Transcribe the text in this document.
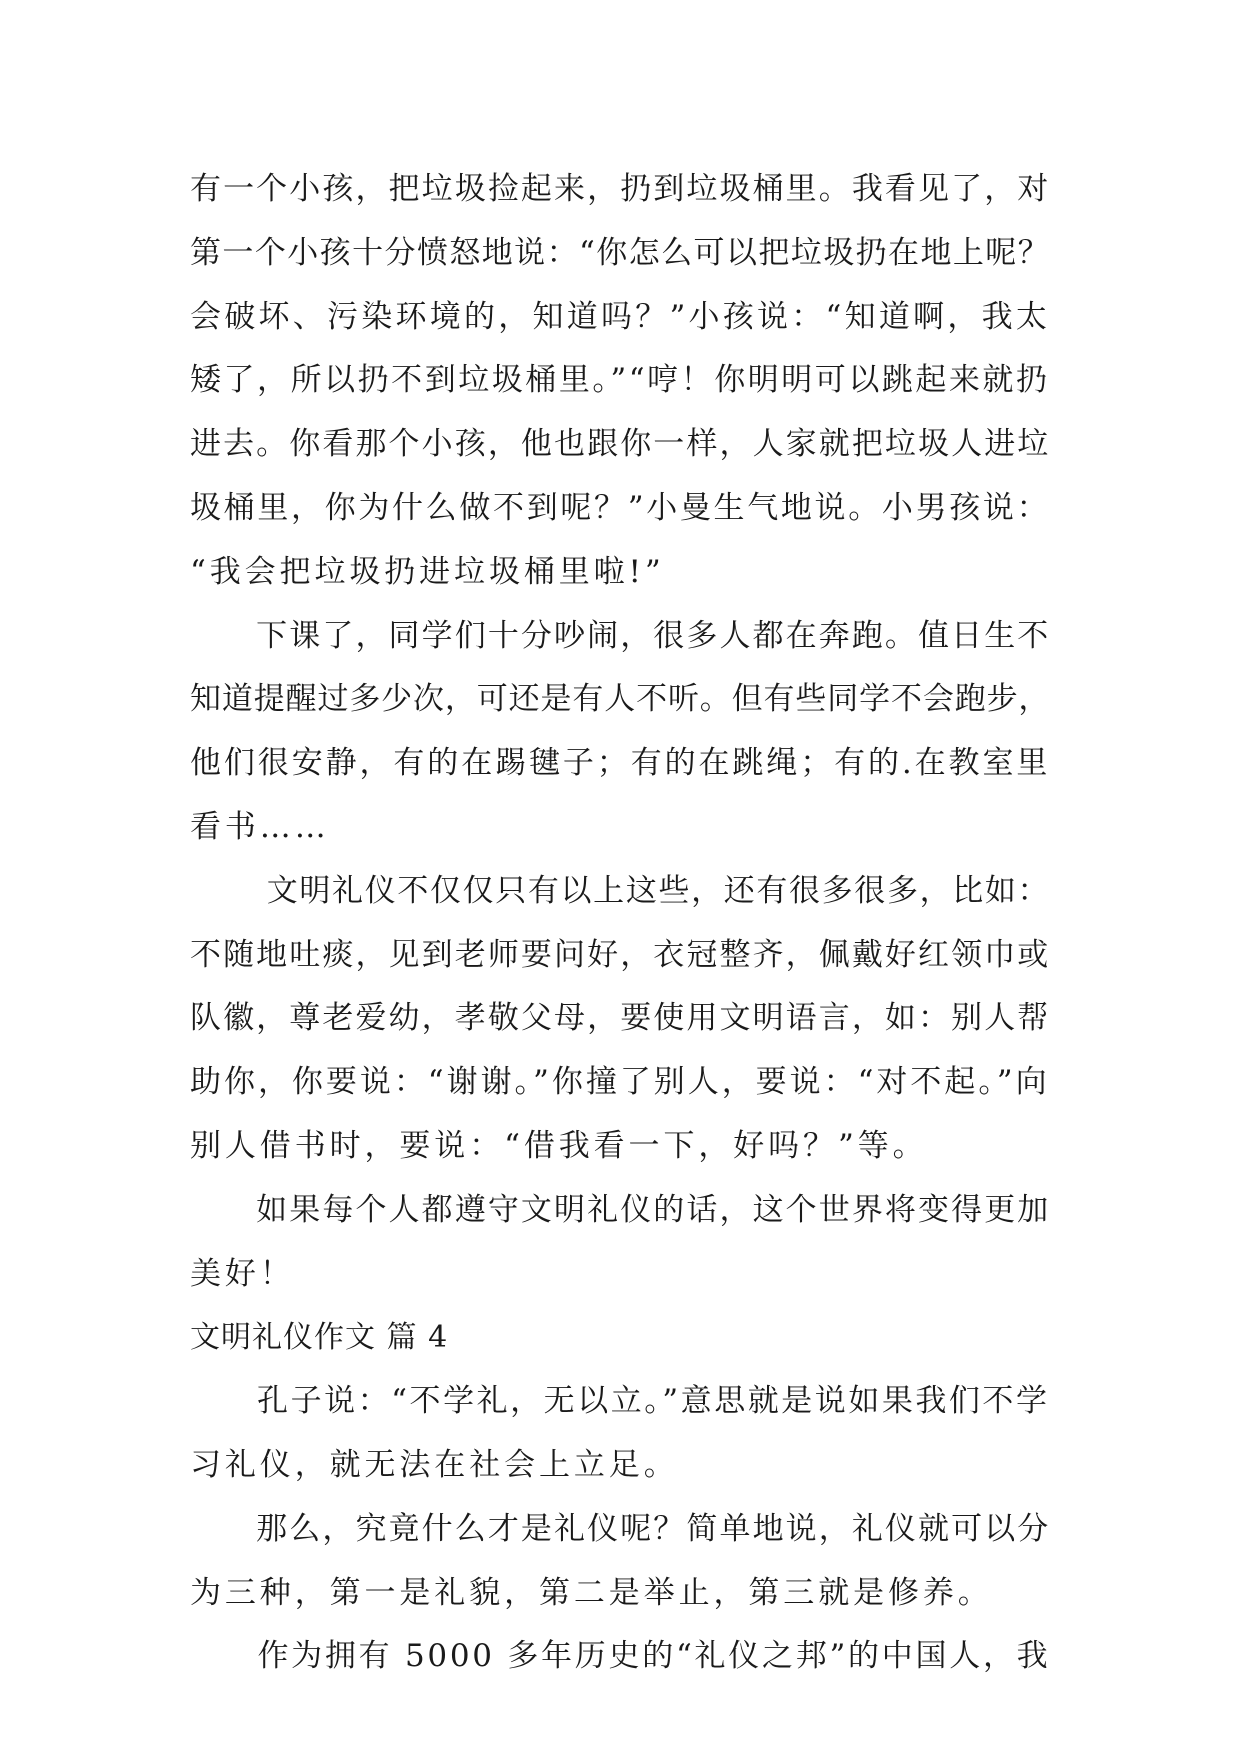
有一个小孩，把垃圾捡起来，扔到垃圾桶里。我看见了，对
第一个小孩十分愤怒地说：“你怎么可以把垃圾扔在地上呢？
会破坏、污染环境的，知道吗？”小孩说：“知道啊，我太
矮了，所以扔不到垃圾桶里。”“哼！你明明可以跳起来就扔
进去。你看那个小孩，他也跟你一样，人家就把垃圾人进垃
圾桶里，你为什么做不到呢？”小曼生气地说。小男孩说：
“我会把垃圾扔进垃圾桶里啦!”
　　下课了，同学们十分吵闹，很多人都在奔跑。值日生不
知道提醒过多少次，可还是有人不听。但有些同学不会跑步，
他们很安静，有的在踢毽子；有的在跳绳；有的.在教室里
看书……
　　 文明礼仪不仅仅只有以上这些，还有很多很多，比如：
不随地吐痰，见到老师要问好，衣冠整齐，佩戴好红领巾或
队徽，尊老爱幼，孝敬父母，要使用文明语言，如：别人帮
助你，你要说：“谢谢。”你撞了别人，要说：“对不起。”向
别人借书时，要说：“借我看一下，好吗？”等。
　　如果每个人都遵守文明礼仪的话，这个世界将变得更加
美好！
文明礼仪作文 篇 4
　　孔子说：“不学礼，无以立。”意思就是说如果我们不学
习礼仪，就无法在社会上立足。
　　那么，究竟什么才是礼仪呢？简单地说，礼仪就可以分
为三种，第一是礼貌，第二是举止，第三就是修养。
　　作为拥有 5000 多年历史的“礼仪之邦”的中国人，我
